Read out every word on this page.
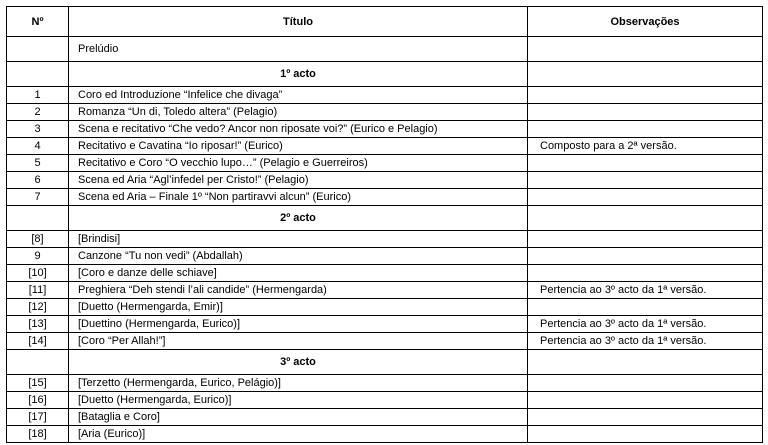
Nº	Título	Observações
	Prelúdio	
	1º acto	
1	Coro ed Introduzione “Infelice che divaga”	
2	Romanza “Un di, Toledo altera” (Pelagio)	
3	Scena e recitativo “Che vedo? Ancor non riposate voi?” (Eurico e Pelagio)	
4	Recitativo e Cavatina “Io riposar!” (Eurico)	Composto para a 2ª versão.
5	Recitativo e Coro “O vecchio lupo…” (Pelagio e Guerreiros)	
6	Scena ed Aria “Agl’infedel per Cristo!” (Pelagio)	
7	Scena ed Aria – Finale 1º “Non partiravvi alcun” (Eurico)	
	2º acto	
[8]	[Brindisi]	
9	Canzone “Tu non vedi” (Abdallah)	
[10]	[Coro e danze delle schiave]	
[11]	Preghiera “Deh stendi l’ali candide” (Hermengarda)	Pertencia ao 3º acto da 1ª versão.
[12]	[Duetto (Hermengarda, Emir)]	
[13]	[Duettino (Hermengarda, Eurico)]	Pertencia ao 3º acto da 1ª versão.
[14]	[Coro “Per Allah!”]	Pertencia ao 3º acto da 1ª versão.
	3º acto	
[15]	[Terzetto (Hermengarda, Eurico, Pelágio)]	
[16]	[Duetto (Hermengarda, Eurico)]	
[17]	[Bataglia e Coro]	
[18]	[Aria (Eurico)]	
